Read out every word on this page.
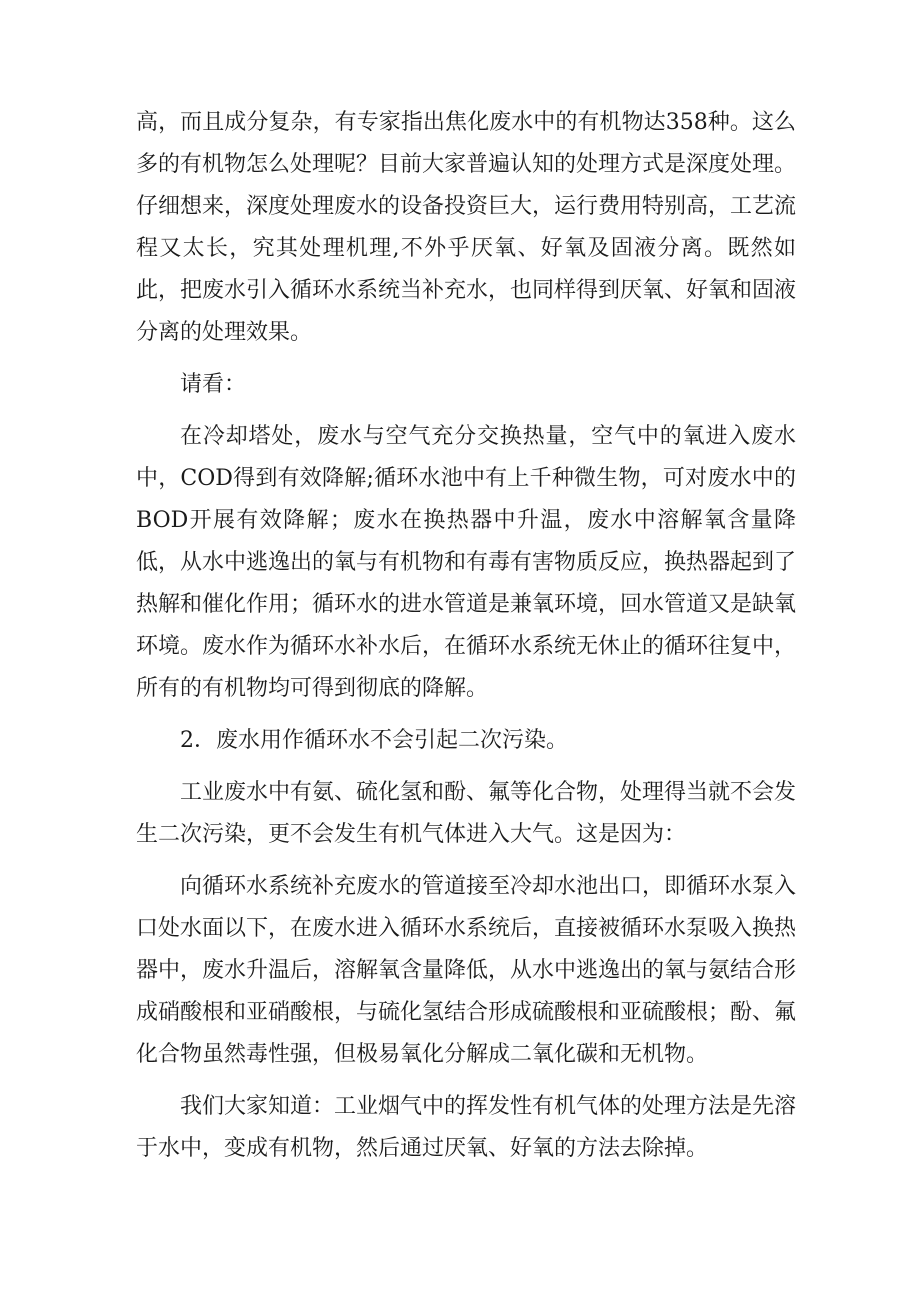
高，而且成分复杂，有专家指出焦化废水中的有机物达358种。这么多的有机物怎么处理呢？目前大家普遍认知的处理方式是深度处理。仔细想来，深度处理废水的设备投资巨大，运行费用特别高，工艺流程又太长，究其处理机理,不外乎厌氧、好氧及固液分离。既然如此，把废水引入循环水系统当补充水，也同样得到厌氧、好氧和固液分离的处理效果。

请看：

在冷却塔处，废水与空气充分交换热量，空气中的氧进入废水中，COD得到有效降解;循环水池中有上千种微生物，可对废水中的BOD开展有效降解；废水在换热器中升温，废水中溶解氧含量降低，从水中逃逸出的氧与有机物和有毒有害物质反应，换热器起到了热解和催化作用；循环水的进水管道是兼氧环境，回水管道又是缺氧环境。废水作为循环水补水后，在循环水系统无休止的循环往复中，所有的有机物均可得到彻底的降解。

2．废水用作循环水不会引起二次污染。

工业废水中有氨、硫化氢和酚、氟等化合物，处理得当就不会发生二次污染，更不会发生有机气体进入大气。这是因为：

向循环水系统补充废水的管道接至冷却水池出口，即循环水泵入口处水面以下，在废水进入循环水系统后，直接被循环水泵吸入换热器中，废水升温后，溶解氧含量降低，从水中逃逸出的氧与氨结合形成硝酸根和亚硝酸根，与硫化氢结合形成硫酸根和亚硫酸根；酚、氟化合物虽然毒性强，但极易氧化分解成二氧化碳和无机物。

我们大家知道：工业烟气中的挥发性有机气体的处理方法是先溶于水中，变成有机物，然后通过厌氧、好氧的方法去除掉。
